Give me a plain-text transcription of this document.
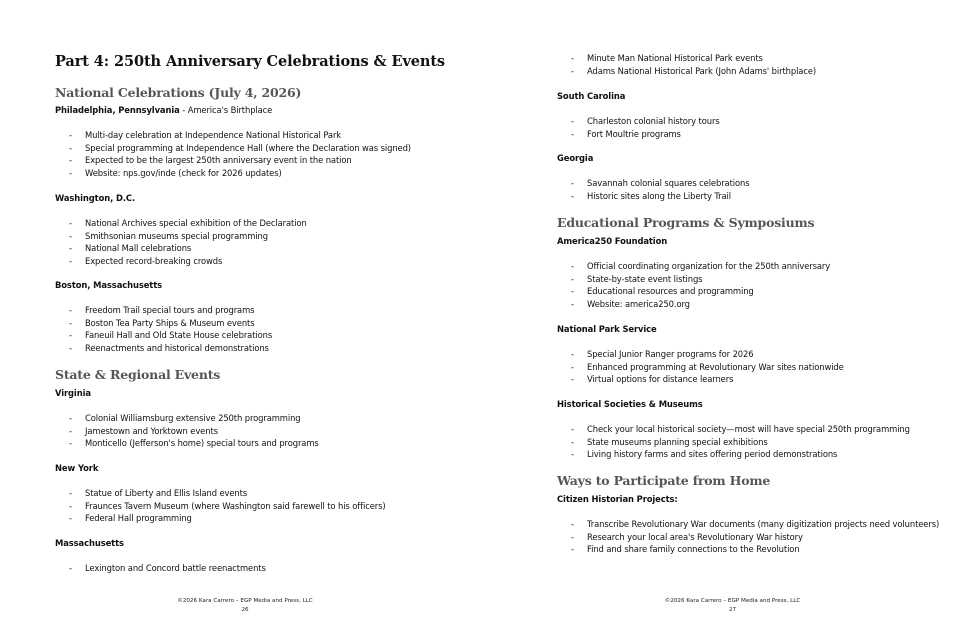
Part 4: 250th Anniversary Celebrations & Events
National Celebrations (July 4, 2026)
Philadelphia, Pennsylvania - America's Birthplace
- Multi-day celebration at Independence National Historical Park
- Special programming at Independence Hall (where the Declaration was signed)
- Expected to be the largest 250th anniversary event in the nation
- Website: nps.gov/inde (check for 2026 updates)
Washington, D.C.
- National Archives special exhibition of the Declaration
- Smithsonian museums special programming
- National Mall celebrations
- Expected record-breaking crowds
Boston, Massachusetts
- Freedom Trail special tours and programs
- Boston Tea Party Ships & Museum events
- Faneuil Hall and Old State House celebrations
- Reenactments and historical demonstrations
State & Regional Events
Virginia
- Colonial Williamsburg extensive 250th programming
- Jamestown and Yorktown events
- Monticello (Jefferson's home) special tours and programs
New York
- Statue of Liberty and Ellis Island events
- Fraunces Tavern Museum (where Washington said farewell to his officers)
- Federal Hall programming
Massachusetts
- Lexington and Concord battle reenactments
©2026 Kara Carrero – EGP Media and Press, LLC
26
- Minute Man National Historical Park events
- Adams National Historical Park (John Adams' birthplace)
South Carolina
- Charleston colonial history tours
- Fort Moultrie programs
Georgia
- Savannah colonial squares celebrations
- Historic sites along the Liberty Trail
Educational Programs & Symposiums
America250 Foundation
- Official coordinating organization for the 250th anniversary
- State-by-state event listings
- Educational resources and programming
- Website: america250.org
National Park Service
- Special Junior Ranger programs for 2026
- Enhanced programming at Revolutionary War sites nationwide
- Virtual options for distance learners
Historical Societies & Museums
- Check your local historical society—most will have special 250th programming
- State museums planning special exhibitions
- Living history farms and sites offering period demonstrations
Ways to Participate from Home
Citizen Historian Projects:
- Transcribe Revolutionary War documents (many digitization projects need volunteers)
- Research your local area's Revolutionary War history
- Find and share family connections to the Revolution
©2026 Kara Carrero – EGP Media and Press, LLC
27
